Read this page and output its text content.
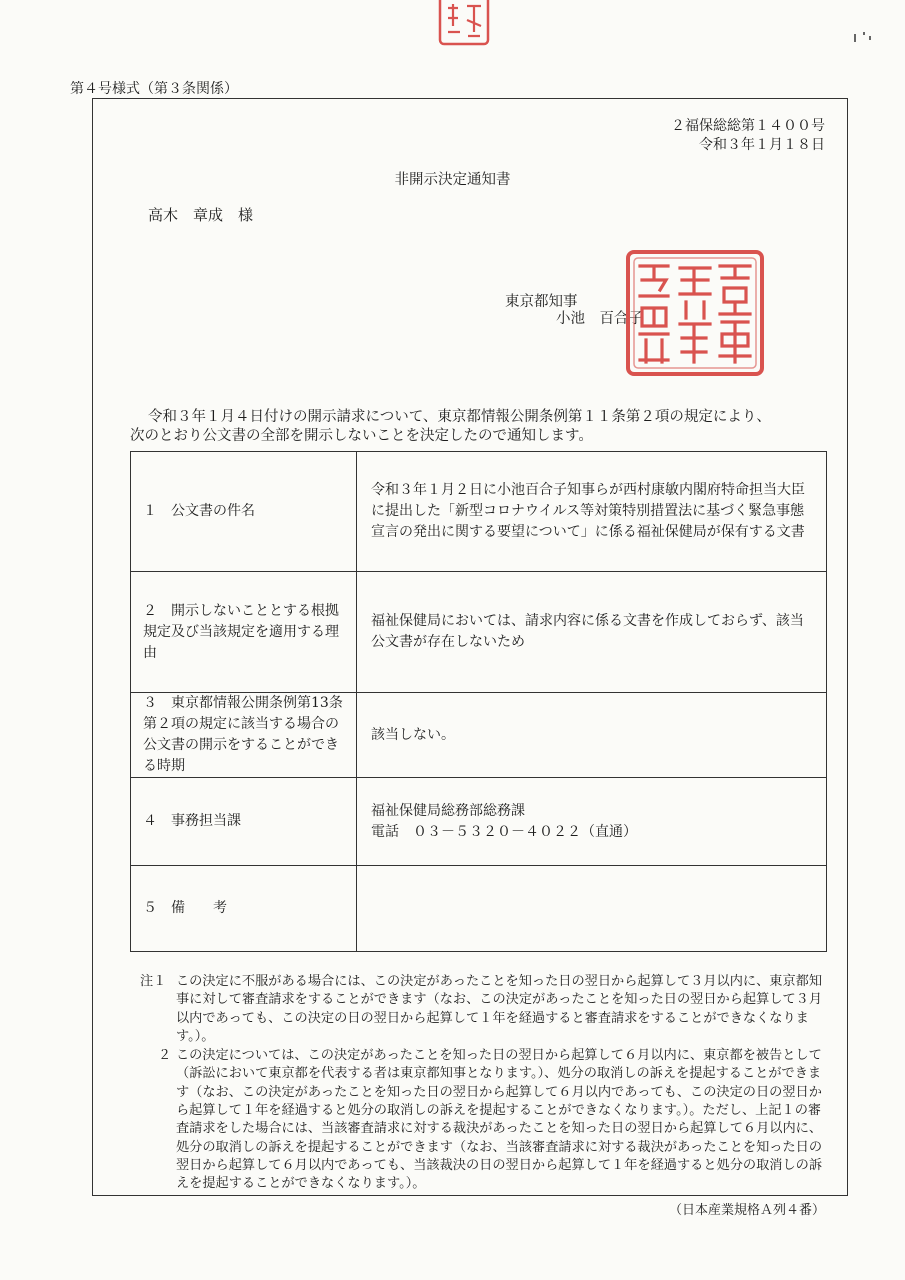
第４号様式（第３条関係）
２福保総総第１４００号
令和３年１月１８日
非開示決定通知書
高木　章成　様
東京都知事
小池　百合子
令和３年１月４日付けの開示請求について、東京都情報公開条例第１１条第２項の規定により、
次のとおり公文書の全部を開示しないことを決定したので通知します。
１　公文書の件名	令和３年１月２日に小池百合子知事らが西村康敏内閣府特命担当大臣に提出した「新型コロナウイルス等対策特別措置法に基づく緊急事態宣言の発出に関する要望について」に係る福祉保健局が保有する文書
２　開示しないこととする根拠規定及び当該規定を適用する理由	福祉保健局においては、請求内容に係る文書を作成しておらず、該当公文書が存在しないため
３　東京都情報公開条例第13条第２項の規定に該当する場合の公文書の開示をすることができる時期	該当しない。
４　事務担当課	福祉保健局総務部総務課
電話　０３－５３２０－４０２２（直通）

５　備　　考	
注１ この決定に不服がある場合には、この決定があったことを知った日の翌日から起算して３月以内に、東京都知事に対して審査請求をすることができます（なお、この決定があったことを知った日の翌日から起算して３月以内であっても、この決定の日の翌日から起算して１年を経過すると審査請求をすることができなくなります。）。
２ この決定については、この決定があったことを知った日の翌日から起算して６月以内に、東京都を被告として（訴訟において東京都を代表する者は東京都知事となります。）、処分の取消しの訴えを提起することができます（なお、この決定があったことを知った日の翌日から起算して６月以内であっても、この決定の日の翌日から起算して１年を経過すると処分の取消しの訴えを提起することができなくなります。）。ただし、上記１の審査請求をした場合には、当該審査請求に対する裁決があったことを知った日の翌日から起算して６月以内に、処分の取消しの訴えを提起することができます（なお、当該審査請求に対する裁決があったことを知った日の翌日から起算して６月以内であっても、当該裁決の日の翌日から起算して１年を経過すると処分の取消しの訴えを提起することができなくなります。）。
（日本産業規格Ａ列４番）
